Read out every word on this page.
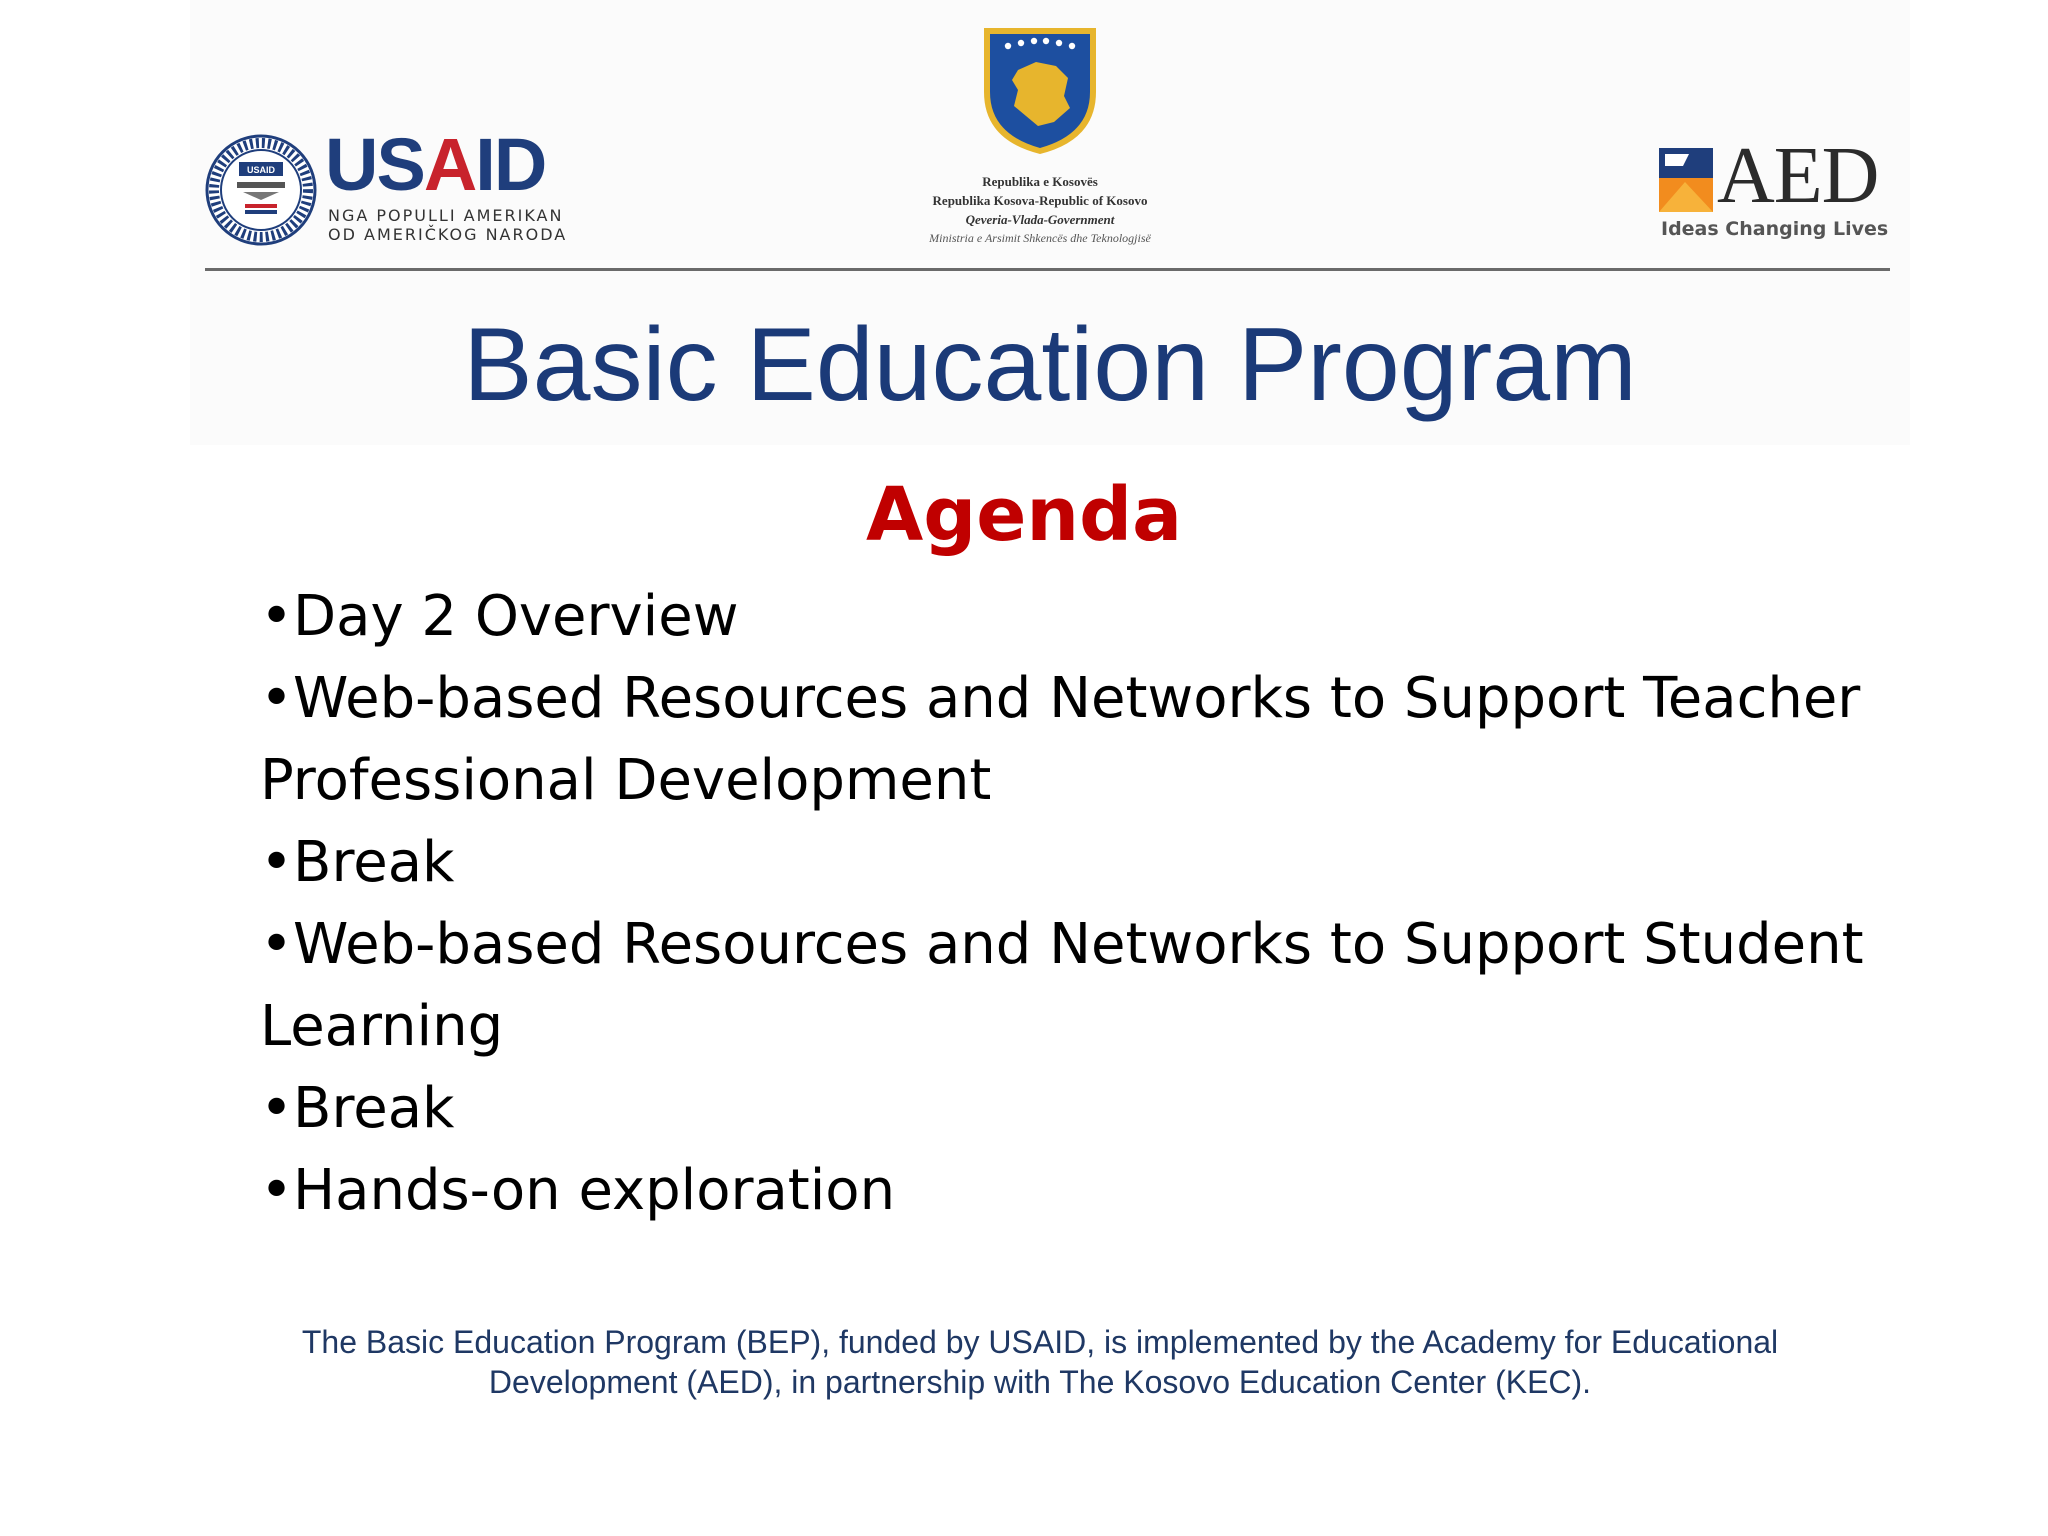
USAID USAID
NGA POPULLI AMERIKAN
OD AMERIČKOG NARODA
Republika e Kosovës
Republika Kosova-Republic of Kosovo
Qeveria-Vlada-Government
Ministria e Arsimit Shkencës dhe Teknologjisë
AED
Ideas Changing Lives
Basic Education Program
Agenda
•Day 2 Overview
•Web-based Resources and Networks to Support Teacher
Professional Development
•Break
•Web-based Resources and Networks to Support Student
Learning
•Break
•Hands-on exploration
The Basic Education Program (BEP), funded by USAID, is implemented by the Academy for Educational
Development (AED), in partnership with The Kosovo Education Center (KEC).
